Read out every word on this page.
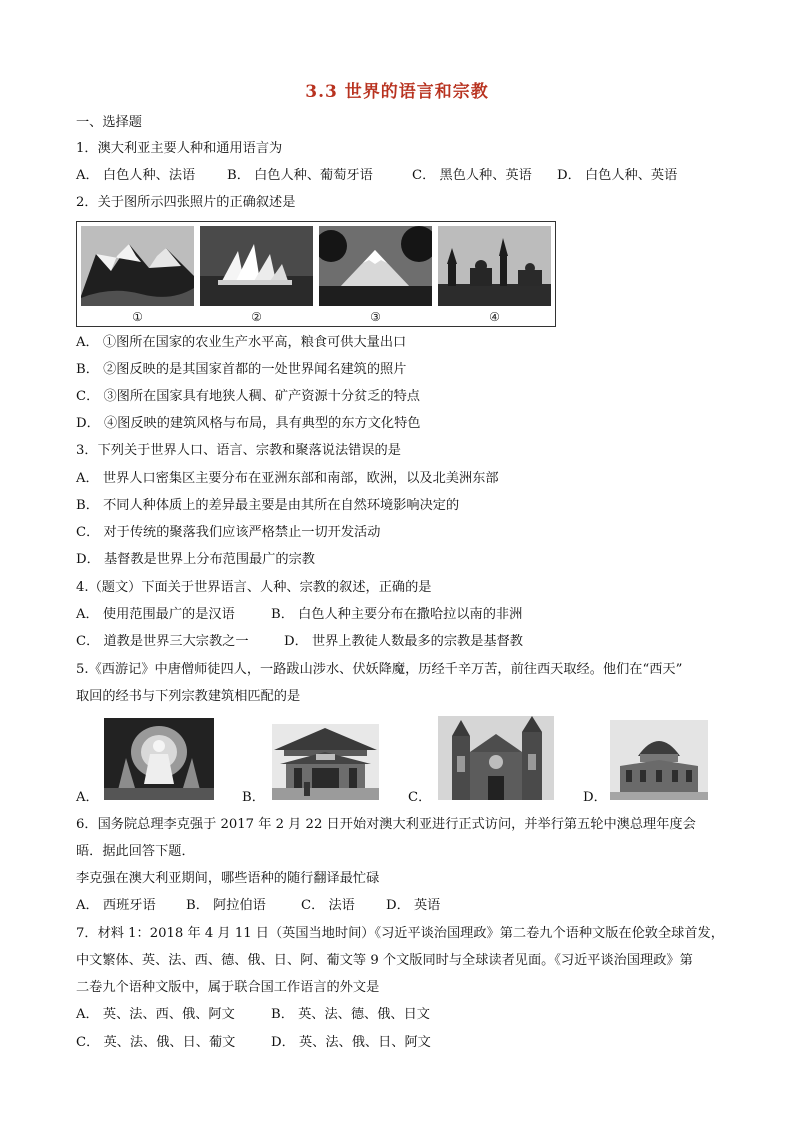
3.3 世界的语言和宗教
一、选择题
1．澳大利亚主要人种和通用语言为
A． 白色人种、法语 B． 白色人种、葡萄牙语	C． 黑色人种、英语 D． 白色人种、英语
2．关于图所示四张照片的正确叙述是
①	②	③	④
A． ①图所在国家的农业生产水平高，粮食可供大量出口
B． ②图反映的是其国家首都的一处世界闻名建筑的照片
C． ③图所在国家具有地狭人稠、矿产资源十分贫乏的特点
D． ④图反映的建筑风格与布局，具有典型的东方文化特色
3．下列关于世界人口、语言、宗教和聚落说法错误的是
A． 世界人口密集区主要分布在亚洲东部和南部，欧洲，以及北美洲东部
B． 不同人种体质上的差异最主要是由其所在自然环境影响决定的
C． 对于传统的聚落我们应该严格禁止一切开发活动
D． 基督教是世界上分布范围最广的宗教
4.（题文）下面关于世界语言、人种、宗教的叙述，正确的是
A． 使用范围最广的是汉语	B． 白色人种主要分布在撒哈拉以南的非洲
C． 道教是世界三大宗教之一	D． 世界上教徒人数最多的宗教是基督教
5.《西游记》中唐僧师徒四人，一路跋山涉水、伏妖降魔，历经千辛万苦，前往西天取经。他们在“西天”
取回的经书与下列宗教建筑相匹配的是
A．	B．	C．	D．
6．国务院总理李克强于 2017 年 2 月 22 日开始对澳大利亚进行正式访问，并举行第五轮中澳总理年度会
晤．据此回答下题．
李克强在澳大利亚期间，哪些语种的随行翻译最忙碌
A． 西班牙语 B． 阿拉伯语	C． 法语 D． 英语
7．材料 1：2018 年 4 月 11 日（英国当地时间）《习近平谈治国理政》第二卷九个语种文版在伦敦全球首发，
中文繁体、英、法、西、德、俄、日、阿、葡文等 9 个文版同时与全球读者见面。《习近平谈治国理政》第
二卷九个语种文版中，属于联合国工作语言的外文是
A． 英、法、西、俄、阿文	B． 英、法、德、俄、日文
C． 英、法、俄、日、葡文	D． 英、法、俄、日、阿文
